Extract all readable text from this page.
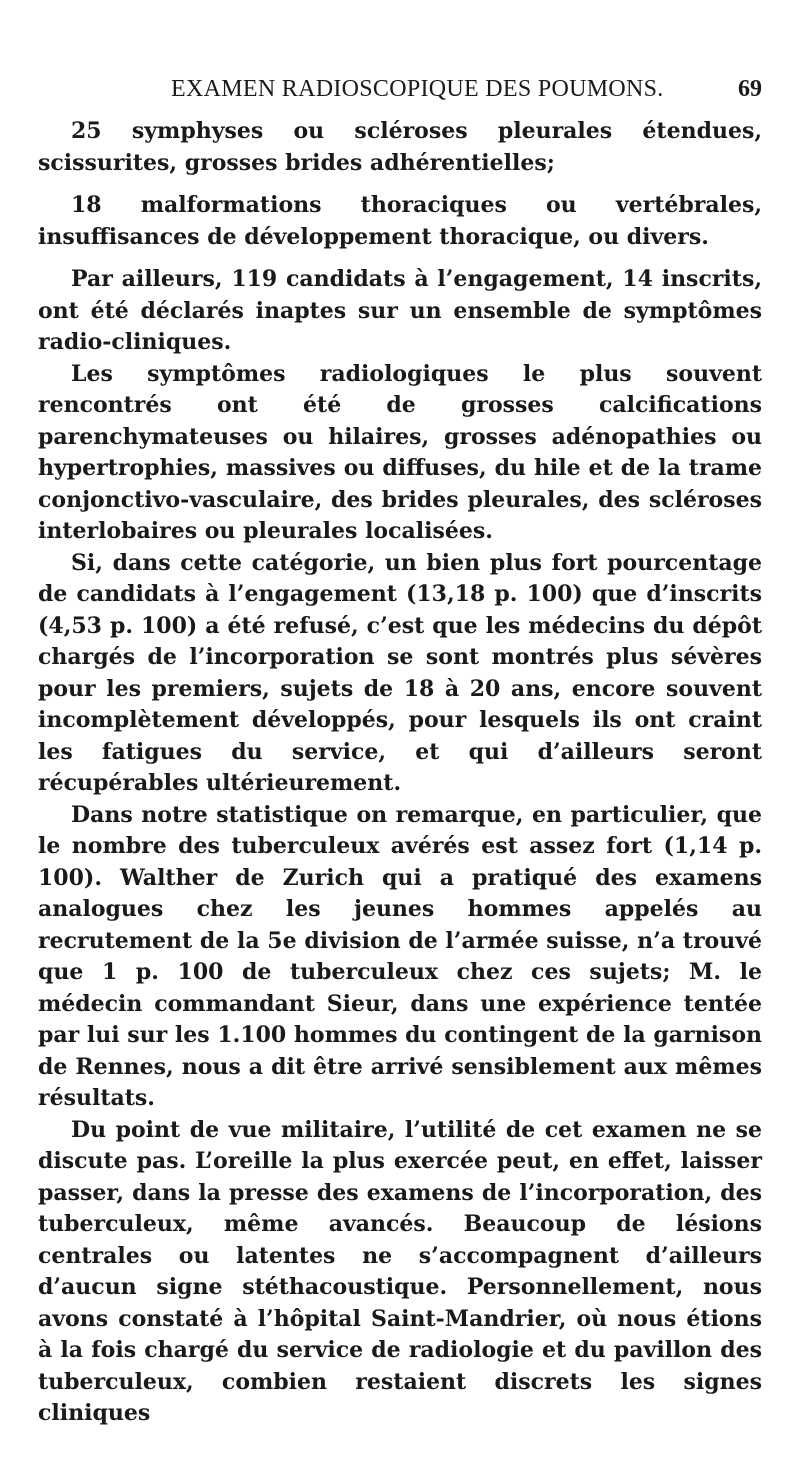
EXAMEN RADIOSCOPIQUE DES POUMONS.	69

25 symphyses ou scléroses pleurales étendues, scissurites, grosses brides adhérentielles;

18 malformations thoraciques ou vertébrales, insuffisances de développement thoracique, ou divers.

Par ailleurs, 119 candidats à l’engagement, 14 inscrits, ont été déclarés inaptes sur un ensemble de symptômes radio-cliniques.

Les symptômes radiologiques le plus souvent rencontrés ont été de grosses calcifications parenchymateuses ou hilaires, grosses adénopathies ou hypertrophies, massives ou diffuses, du hile et de la trame conjonctivo-vasculaire, des brides pleurales, des scléroses interlobaires ou pleurales localisées.

Si, dans cette catégorie, un bien plus fort pourcentage de candidats à l’engagement (13,18 p. 100) que d’inscrits (4,53 p. 100) a été refusé, c’est que les médecins du dépôt chargés de l’incorporation se sont montrés plus sévères pour les premiers, sujets de 18 à 20 ans, encore souvent incomplètement développés, pour lesquels ils ont craint les fatigues du service, et qui d’ailleurs seront récupérables ultérieurement.

Dans notre statistique on remarque, en particulier, que le nombre des tuberculeux avérés est assez fort (1,14 p. 100). Walther de Zurich qui a pratiqué des examens analogues chez les jeunes hommes appelés au recrutement de la 5e division de l’armée suisse, n’a trouvé que 1 p. 100 de tuberculeux chez ces sujets; M. le médecin commandant Sieur, dans une expérience tentée par lui sur les 1.100 hommes du contingent de la garnison de Rennes, nous a dit être arrivé sensiblement aux mêmes résultats.

Du point de vue militaire, l’utilité de cet examen ne se discute pas. L’oreille la plus exercée peut, en effet, laisser passer, dans la presse des examens de l’incorporation, des tuberculeux, même avancés. Beaucoup de lésions centrales ou latentes ne s’accompagnent d’ailleurs d’aucun signe stéthacoustique. Personnellement, nous avons constaté à l’hôpital Saint-Mandrier, où nous étions à la fois chargé du service de radiologie et du pavillon des tuberculeux, combien restaient discrets les signes cliniques
